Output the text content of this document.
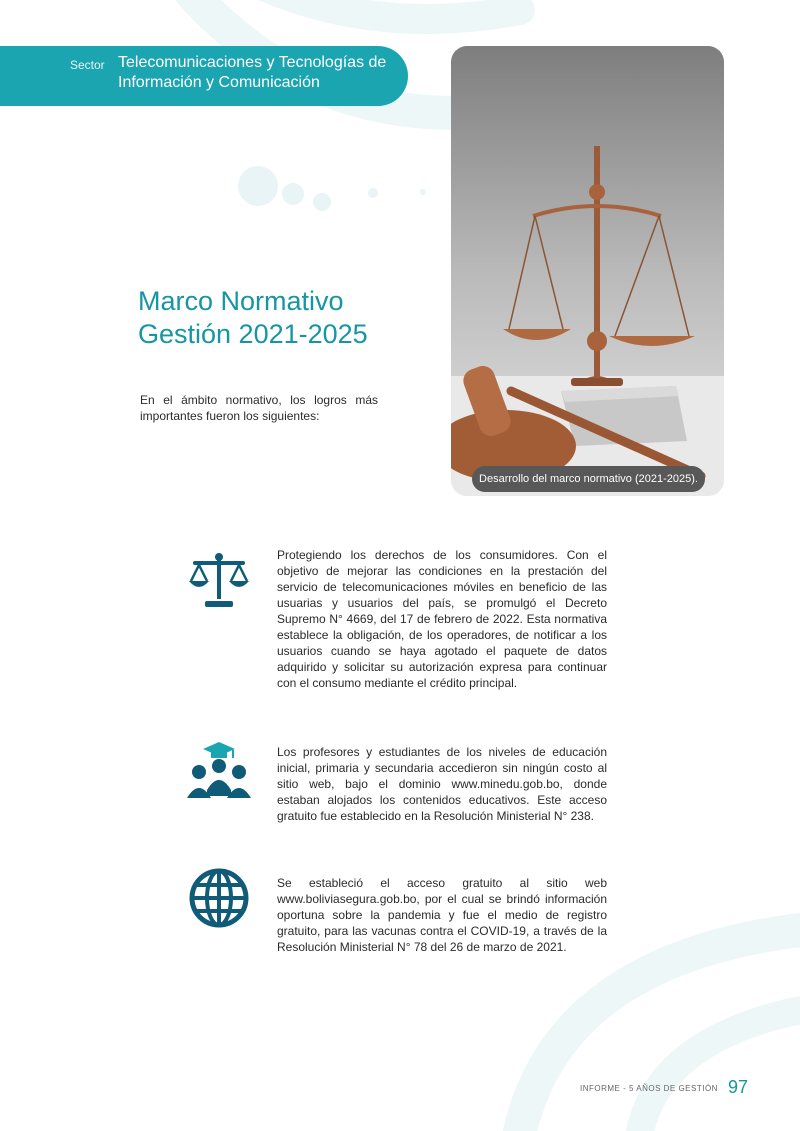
Sector Telecomunicaciones y Tecnologías de Información y Comunicación
Desarrollo del marco normativo (2021-2025).
Marco Normativo Gestión 2021-2025
En el ámbito normativo, los logros más importantes fueron los siguientes:
Protegiendo los derechos de los consumidores. Con el objetivo de mejorar las condiciones en la prestación del servicio de telecomunicaciones móviles en beneficio de las usuarias y usuarios del país, se promulgó el Decreto Supremo N° 4669, del 17 de febrero de 2022. Esta normativa establece la obligación, de los operadores, de notificar a los usuarios cuando se haya agotado el paquete de datos adquirido y solicitar su autorización expresa para continuar con el consumo mediante el crédito principal.
Los profesores y estudiantes de los niveles de educación inicial, primaria y secundaria accedieron sin ningún costo al sitio web, bajo el dominio www.minedu.gob.bo, donde estaban alojados los contenidos educativos. Este acceso gratuito fue establecido en la Resolución Ministerial N° 238.
Se estableció el acceso gratuito al sitio web www.boliviasegura.gob.bo, por el cual se brindó información oportuna sobre la pandemia y fue el medio de registro gratuito, para las vacunas contra el COVID-19, a través de la Resolución Ministerial N° 78 del 26 de marzo de 2021.
INFORME - 5 AÑOS DE GESTIÓN 97
